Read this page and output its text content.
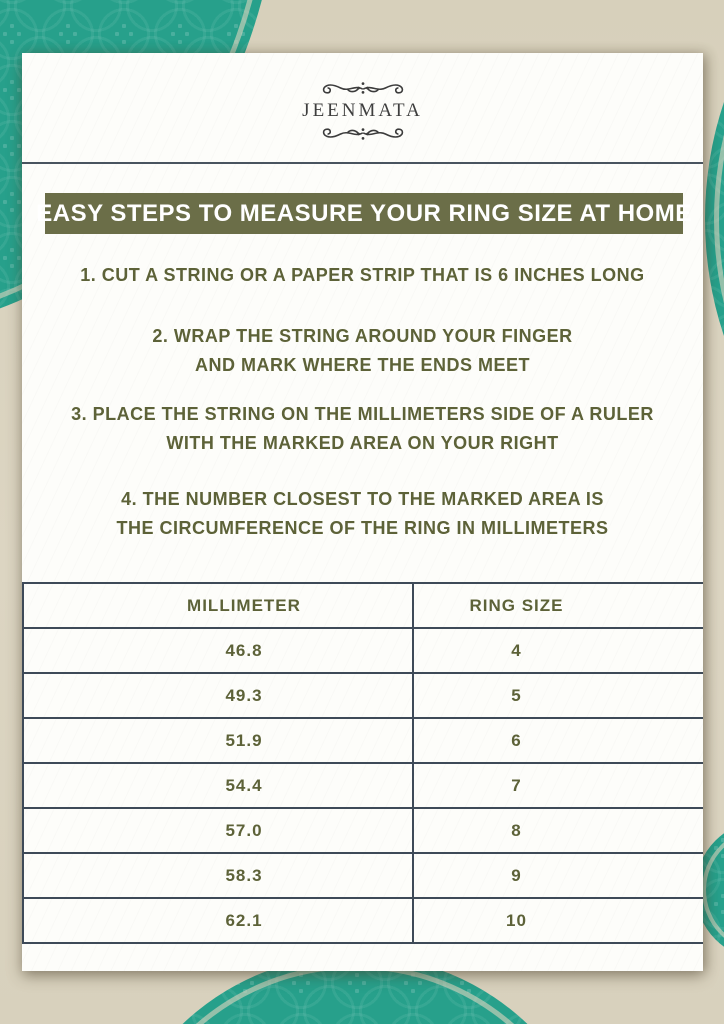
JEENMATA
EASY STEPS TO MEASURE YOUR RING SIZE AT HOME
1. CUT A STRING OR A PAPER STRIP THAT IS 6 INCHES LONG
2. WRAP THE STRING AROUND YOUR FINGER
AND MARK WHERE THE ENDS MEET
3. PLACE THE STRING ON THE MILLIMETERS SIDE OF A RULER
WITH THE MARKED AREA ON YOUR RIGHT
4. THE NUMBER CLOSEST TO THE MARKED AREA IS
THE CIRCUMFERENCE OF THE RING IN MILLIMETERS
MILLIMETER	RING SIZE
46.8	4
49.3	5
51.9	6
54.4	7
57.0	8
58.3	9
62.1	10
